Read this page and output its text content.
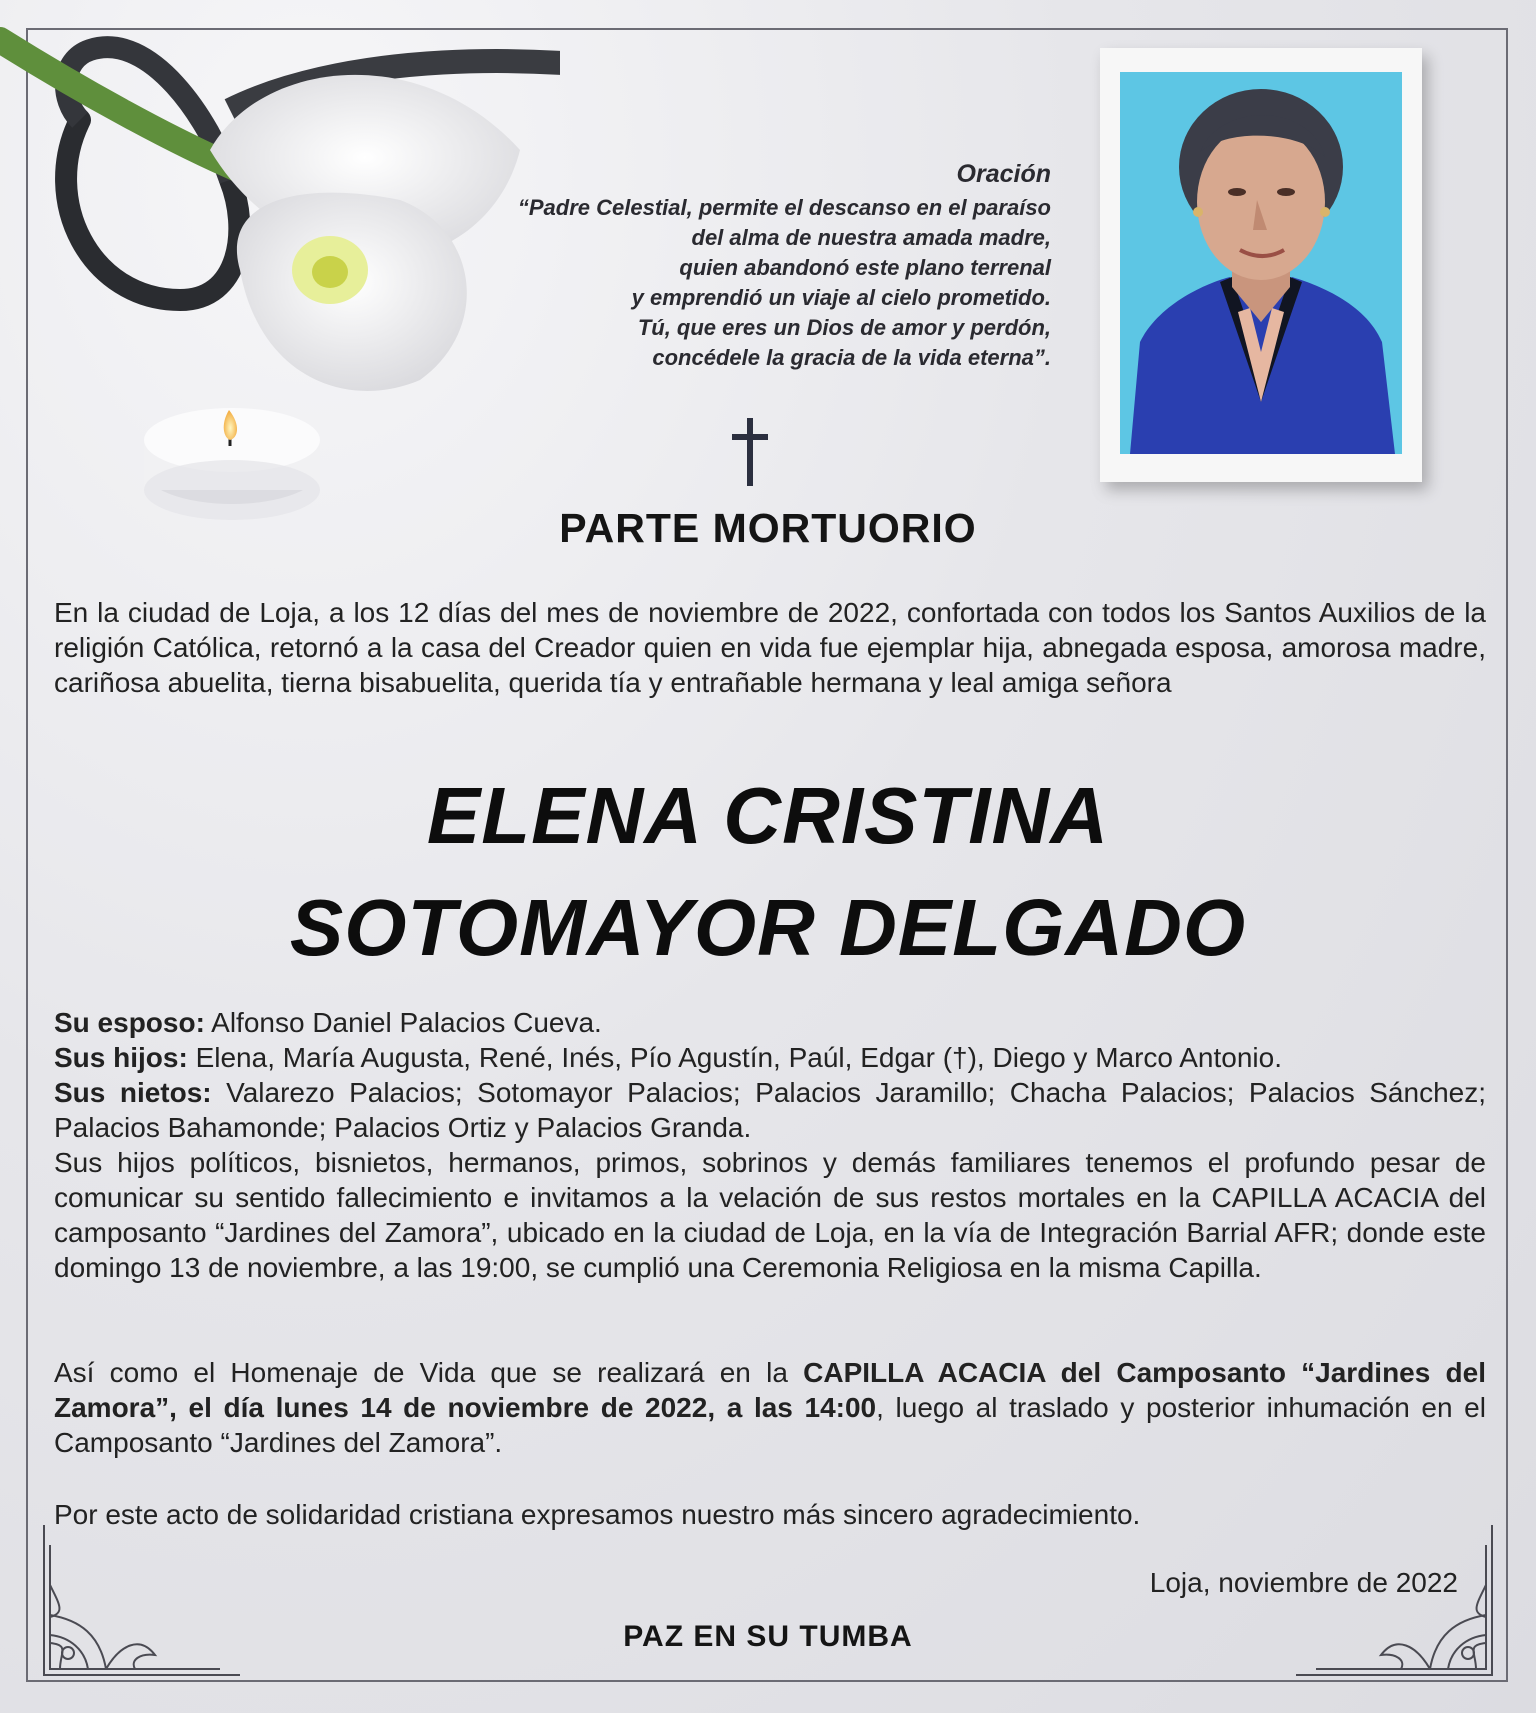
Oración
“Padre Celestial, permite el descanso en el paraíso
del alma de nuestra amada madre,
quien abandonó este plano terrenal
y emprendió un viaje al cielo prometido.
Tú, que eres un Dios de amor y perdón,
concédele la gracia de la vida eterna”.
PARTE MORTUORIO
En la ciudad de Loja, a los 12 días del mes de noviembre de 2022, confortada con todos los Santos Auxilios de la religión Católica, retornó a la casa del Creador quien en vida fue ejemplar hija, abnegada esposa, amorosa madre, cariñosa abuelita, tierna bisabuelita, querida tía y entrañable hermana y leal amiga señora
ELENA CRISTINA
SOTOMAYOR DELGADO

Su esposo: Alfonso Daniel Palacios Cueva.

Sus hijos: Elena, María Augusta, René, Inés, Pío Agustín, Paúl, Edgar (†), Diego y Marco Antonio.

Sus nietos: Valarezo Palacios; Sotomayor Palacios; Palacios Jaramillo; Chacha Palacios; Palacios Sánchez; Palacios Bahamonde; Palacios Ortiz y Palacios Granda.

Sus hijos políticos, bisnietos, hermanos, primos, sobrinos y demás familiares tenemos el profundo pesar de comunicar su sentido fallecimiento e invitamos a la velación de sus restos mortales en la CAPILLA ACACIA del camposanto “Jardines del Zamora”, ubicado en la ciudad de Loja, en la vía de Integración Barrial AFR; donde este domingo 13 de noviembre, a las 19:00, se cumplió una Ceremonia Religiosa en la misma Capilla.

Así como el Homenaje de Vida que se realizará en la CAPILLA ACACIA del Camposanto “Jardines del Zamora”, el día lunes 14 de noviembre de 2022, a las 14:00, luego al traslado y posterior inhumación en el Camposanto “Jardines del Zamora”.
Por este acto de solidaridad cristiana expresamos nuestro más sincero agradecimiento.
Loja, noviembre de 2022
PAZ EN SU TUMBA
